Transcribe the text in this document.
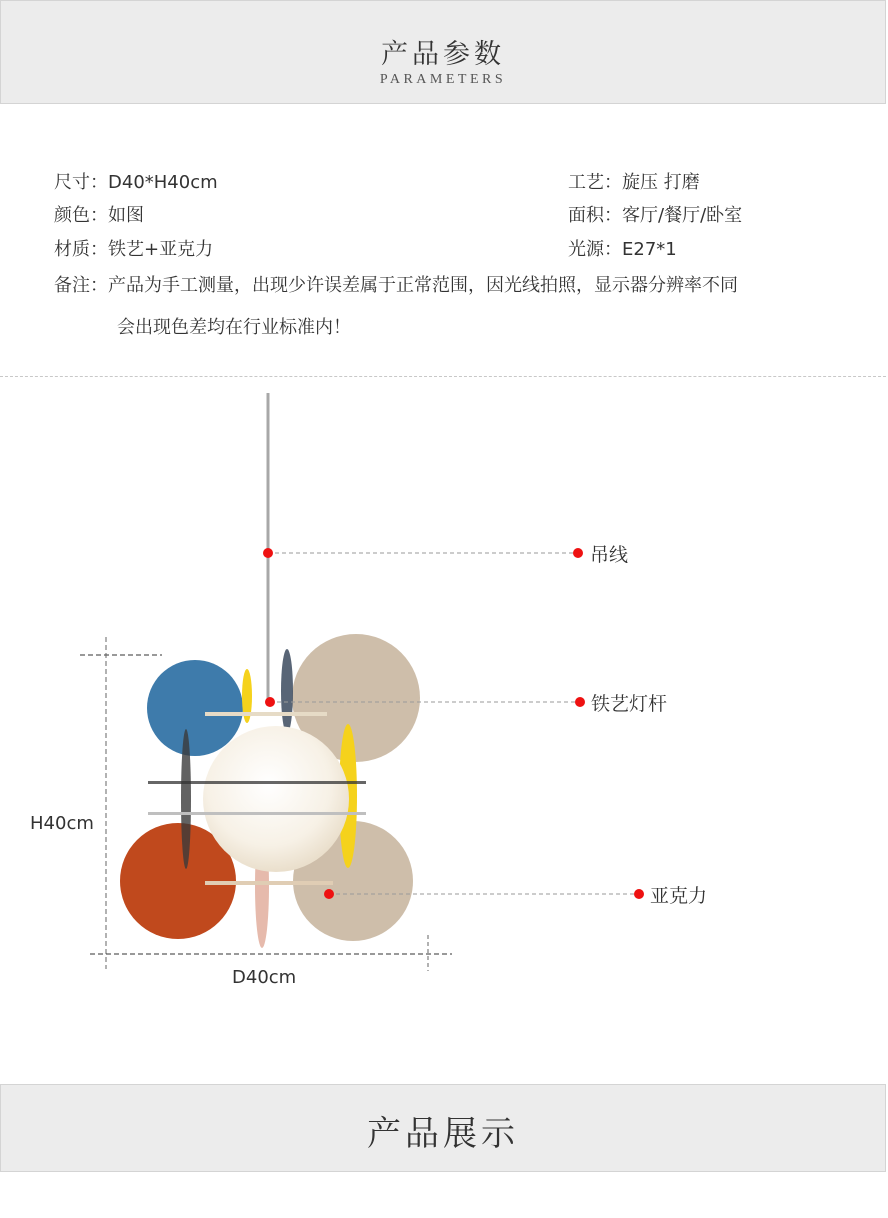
产品参数
PARAMETERS
尺寸：D40*H40cm
颜色：如图
材质：铁艺+亚克力
备注：产品为手工测量，出现少许误差属于正常范围，因光线拍照，显示器分辨率不同
会出现色差均在行业标准内！
工艺：旋压 打磨
面积：客厅/餐厅/卧室
光源：E27*1
吊线
铁艺灯杆
亚克力
H40cm
D40cm
产品展示
